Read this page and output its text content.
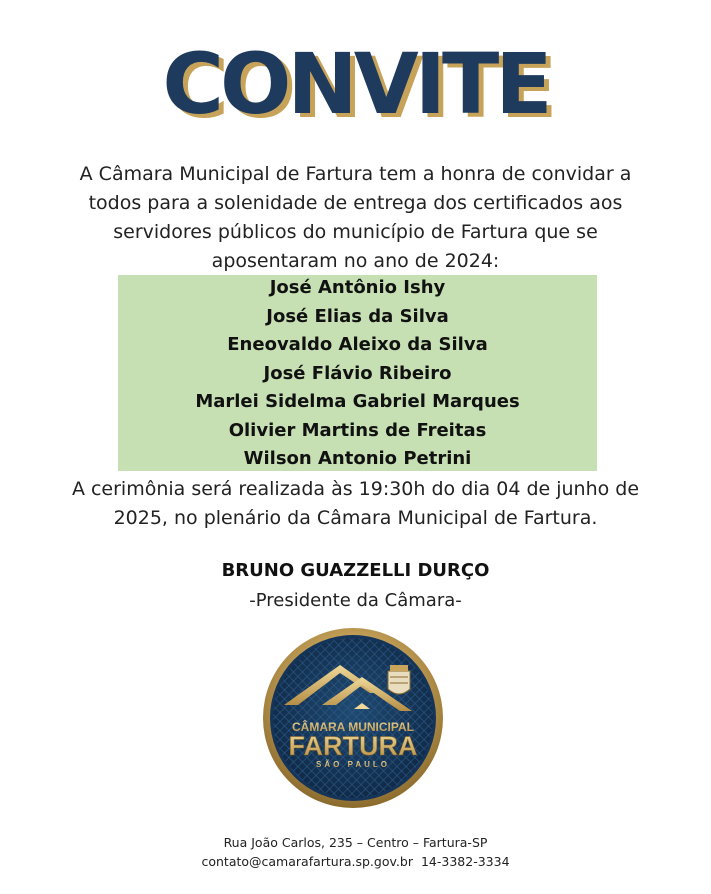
CONVITE
A Câmara Municipal de Fartura tem a honra de convidar a todos para a solenidade de entrega dos certificados aos servidores públicos do município de Fartura que se aposentaram no ano de 2024:
José Antônio Ishy
José Elias da Silva
Eneovaldo Aleixo da Silva
José Flávio Ribeiro
Marlei Sidelma Gabriel Marques
Olivier Martins de Freitas
Wilson Antonio Petrini
A cerimônia será realizada às 19:30h do dia 04 de junho de 2025, no plenário da Câmara Municipal de Fartura.
BRUNO GUAZZELLI DURÇO
-Presidente da Câmara-
CÂMARA MUNICIPAL
FARTURA
SÃO PAULO
Rua João Carlos, 235 – Centro – Fartura-SP
contato@camarafartura.sp.gov.br 14-3382-3334
